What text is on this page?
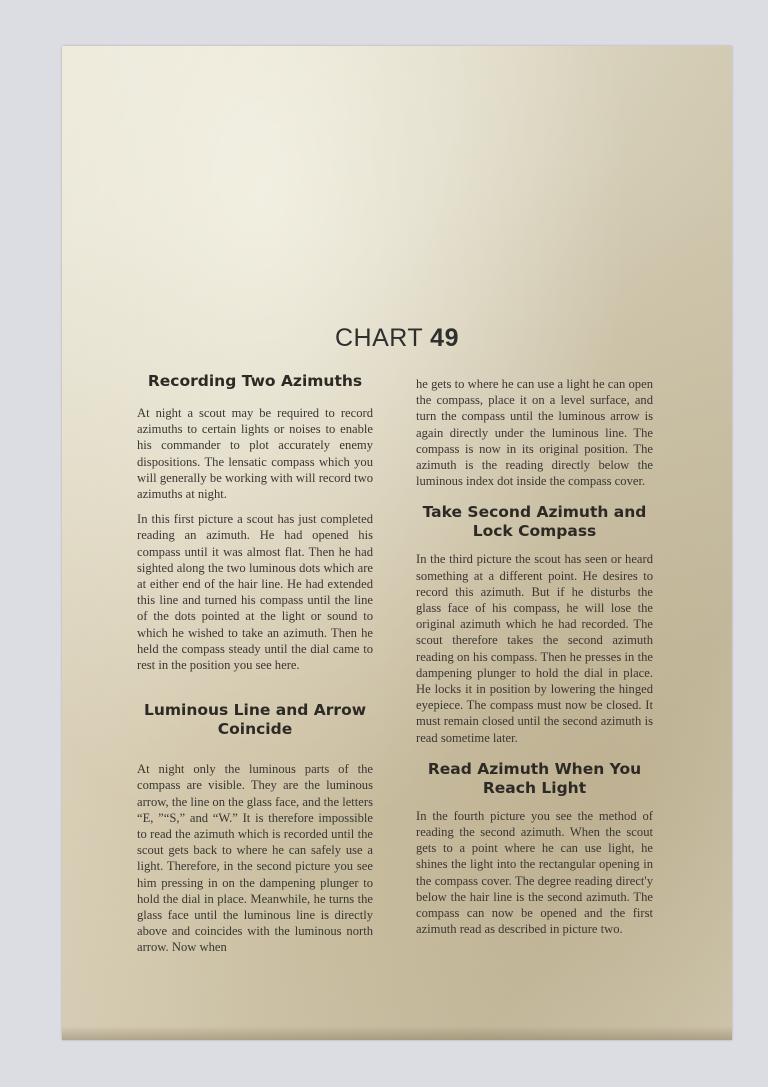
CHART 49
Recording Two Azimuths

At night a scout may be required to record azimuths to certain lights or noises to enable his commander to plot accurately enemy dispositions. The lensatic compass which you will generally be working with will record two azimuths at night.

In this first picture a scout has just completed reading an azimuth. He had opened his compass until it was almost flat. Then he had sighted along the two luminous dots which are at either end of the hair line. He had extended this line and turned his compass until the line of the dots pointed at the light or sound to which he wished to take an azimuth. Then he held the compass steady until the dial came to rest in the position you see here.

Luminous Line and Arrow Coincide

At night only the luminous parts of the compass are visible. They are the luminous arrow, the line on the glass face, and the letters “E, ”“S,” and “W.” It is therefore impossible to read the azimuth which is recorded until the scout gets back to where he can safely use a light. Therefore, in the second picture you see him pressing in on the dampening plunger to hold the dial in place. Meanwhile, he turns the glass face until the luminous line is directly above and coincides with the luminous north arrow. Now when

he gets to where he can use a light he can open the compass, place it on a level surface, and turn the compass until the luminous arrow is again directly under the luminous line. The compass is now in its original position. The azimuth is the reading directly below the luminous index dot inside the compass cover.

Take Second Azimuth and Lock Compass

In the third picture the scout has seen or heard something at a different point. He desires to record this azimuth. But if he disturbs the glass face of his compass, he will lose the original azimuth which he had recorded. The scout therefore takes the second azimuth reading on his compass. Then he presses in the dampening plunger to hold the dial in place. He locks it in position by lowering the hinged eyepiece. The compass must now be closed. It must remain closed until the second azimuth is read sometime later.

Read Azimuth When You Reach Light

In the fourth picture you see the method of reading the second azimuth. When the scout gets to a point where he can use light, he shines the light into the rectangular opening in the compass cover. The degree reading direct'y below the hair line is the second azimuth. The compass can now be opened and the first azimuth read as described in picture two.
